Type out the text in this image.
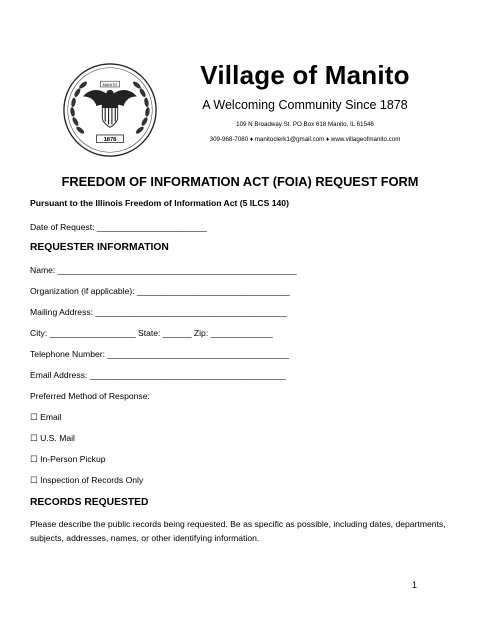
MANITO
1878
Village of Manito
A Welcoming Community Since 1878
109 N Broadway St. PO Box 618 Manito, IL 61546
309-968-7080 ♦ manitoclerk1@gmail.com ♦ www.villageofmanito.com
FREEDOM OF INFORMATION ACT (FOIA) REQUEST FORM
Pursuant to the Illinois Freedom of Information Act (5 ILCS 140)
Date of Request: _______________________
REQUESTER INFORMATION
Name: __________________________________________________
Organization (if applicable): ________________________________
Mailing Address: ________________________________________
City: __________________ State: ______ Zip: _____________
Telephone Number: ______________________________________
Email Address: _________________________________________
Preferred Method of Response:
☐ Email
☐ U.S. Mail
☐ In-Person Pickup
☐ Inspection of Records Only
RECORDS REQUESTED
Please describe the public records being requested. Be as specific as possible, including dates, departments, subjects, addresses, names, or other identifying information.
1
